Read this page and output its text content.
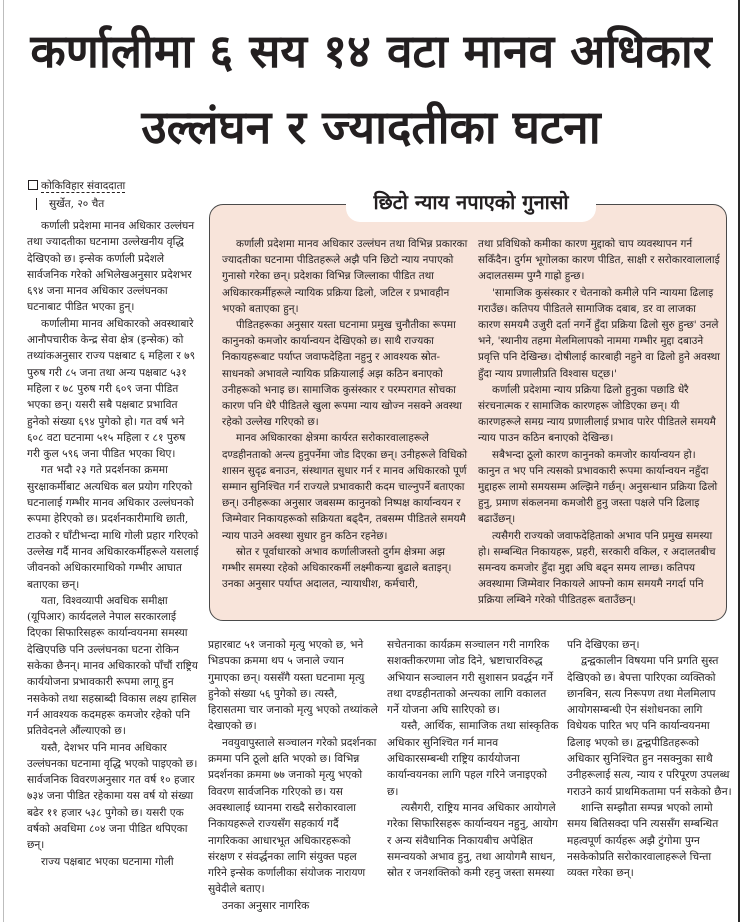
कर्णालीमा ६ सय १४ वटा मानव अधिकार
उल्लंघन र ज्यादतीका घटना
कोकिविहार संवाददाता
सुर्खेत, २० चैत

कर्णाली प्रदेशमा मानव अधिकार उल्लंघन तथा ज्यादतीका घटनामा उल्लेखनीय वृद्धि देखिएको छ। इन्सेक कर्णाली प्रदेशले सार्वजनिक गरेको अभिलेखअनुसार प्रदेशभर ६९४ जना मानव अधिकार उल्लंघनका घटनाबाट पीडित भएका हुन्।

कर्णालीमा मानव अधिकारको अवस्थाबारे आनौपचारीक केन्द्र सेवा क्षेत्र (इन्सेक) को तथ्यांकअनुसार राज्य पक्षबाट ६ महिला र ७९ पुरुष गरी ८५ जना तथा अन्य पक्षबाट ५३१ महिला र ७८ पुरुष गरी ६०९ जना पीडित भएका छन्। यसरी सबै पक्षबाट प्रभावित हुनेको संख्या ६९४ पुगेको हो। गत वर्ष भने ६०८ वटा घटनामा ५१५ महिला र ८१ पुरुष गरी कुल ५९६ जना पीडित भएका थिए।

गत भदौ २३ गते प्रदर्शनका क्रममा सुरक्षाकर्मीबाट अत्यधिक बल प्रयोग गरिएको घटनालाई गम्भीर मानव अधिकार उल्लंघनको रूपमा हेरिएको छ। प्रदर्शनकारीमाथि छाती, टाउको र घाँटीभन्दा माथि गोली प्रहार गरिएको उल्लेख गर्दै मानव अधिकारकर्मीहरूले यसलाई जीवनको अधिकारमाथिको गम्भीर आघात बताएका छन्।

यता, विश्वव्यापी अवधिक समीक्षा (यूपिआर) कार्यदलले नेपाल सरकारलाई दिएका सिफारिसहरू कार्यान्वयनमा समस्या देखिएपछि पनि उल्लंघनका घटना रोकिन सकेका छैनन्। मानव अधिकारको पाँचौं राष्ट्रिय कार्ययोजना प्रभावकारी रूपमा लागू हुन नसकेको तथा सहस्राब्दी विकास लक्ष्य हासिल गर्न आवश्यक कदमहरू कमजोर रहेको पनि प्रतिवेदनले औंल्याएको छ।

यस्तै, देशभर पनि मानव अधिकार उल्लंघनका घटनामा वृद्धि भएको पाइएको छ। सार्वजनिक विवरणअनुसार गत वर्ष १० हजार ७३४ जना पीडित रहेकामा यस वर्ष यो संख्या बढेर ११ हजार ५३८ पुगेको छ। यसरी एक वर्षको अवधिमा ८०४ जना पीडित थपिएका छन्।

राज्य पक्षबाट भएका घटनामा गोली

छिटो न्याय नपाएको गुनासो

कर्णाली प्रदेशमा मानव अधिकार उल्लंघन तथा विभिन्न प्रकारका ज्यादतीका घटनामा पीडितहरूले अझै पनि छिटो न्याय नपाएको गुनासो गरेका छन्। प्रदेशका विभिन्न जिल्लाका पीडित तथा अधिकारकर्मीहरूले न्यायिक प्रक्रिया ढिलो, जटिल र प्रभावहीन भएको बताएका हुन्।

पीडितहरूका अनुसार यस्ता घटनामा प्रमुख चुनौतीका रूपमा कानुनको कमजोर कार्यान्वयन देखिएको छ। साथै राज्यका निकायहरूबाट पर्याप्त जवाफदेहिता नहुनु र आवश्यक स्रोत-साधनको अभावले न्यायिक प्रक्रियालाई अझ कठिन बनाएको उनीहरूको भनाइ छ। सामाजिक कुसंस्कार र परम्परागत सोचका कारण पनि धेरै पीडितले खुला रूपमा न्याय खोज्न नसक्ने अवस्था रहेको उल्लेख गरिएको छ।

मानव अधिकारका क्षेत्रमा कार्यरत सरोकारवालाहरूले दण्डहीनताको अन्त्य हुनुपर्नेमा जोड दिएका छन्। उनीहरूले विधिको शासन सुदृढ बनाउन, संस्थागत सुधार गर्न र मानव अधिकारको पूर्ण सम्मान सुनिश्चित गर्न राज्यले प्रभावकारी कदम चाल्नुपर्ने बताएका छन्। उनीहरूका अनुसार जबसम्म कानुनको निष्पक्ष कार्यान्वयन र जिम्मेवार निकायहरूको सक्रियता बढ्दैन, तबसम्म पीडितले समयमै न्याय पाउने अवस्था सुधार हुन कठिन रहनेछ।

स्रोत र पूर्वाधारको अभाव कर्णालीजस्तो दुर्गम क्षेत्रमा अझ गम्भीर समस्या रहेको अधिकारकर्मी लक्ष्मीकन्या बुढाले बताइन्। उनका अनुसार पर्याप्त अदालत, न्यायाधीश, कर्मचारी,

तथा प्रविधिको कमीका कारण मुद्दाको चाप व्यवस्थापन गर्न सकिँदैन। दुर्गम भूगोलका कारण पीडित, साक्षी र सरोकारवालालाई अदालतसम्म पुग्नै गाह्रो हुन्छ।

'सामाजिक कुसंस्कार र चेतनाको कमीले पनि न्यायमा ढिलाइ गराउँछ। कतिपय पीडितले सामाजिक दबाब, डर वा लाजका कारण समयमै उजुरी दर्ता नगर्ने हुँदा प्रक्रिया ढिलो सुरु हुन्छ' उनले भने, 'स्थानीय तहमा मेलमिलापको नाममा गम्भीर मुद्दा दबाउने प्रवृत्ति पनि देखिन्छ। दोषीलाई कारबाही नहुने वा ढिलो हुने अवस्था हुँदा न्याय प्रणालीप्रति विश्वास घट्छ।'

कर्णाली प्रदेशमा न्याय प्रक्रिया ढिलो हुनुका पछाडि धेरै संरचनात्मक र सामाजिक कारणहरू जोडिएका छन्। यी कारणहरूले समग्र न्याय प्रणालीलाई प्रभाव पारेर पीडितले समयमै न्याय पाउन कठिन बनाएको देखिन्छ।

सबैभन्दा ठूलो कारण कानुनको कमजोर कार्यान्वयन हो। कानुन त भए पनि त्यसको प्रभावकारी रूपमा कार्यान्वयन नहुँदा मुद्दाहरू लामो समयसम्म अल्झिने गर्छन्। अनुसन्धान प्रक्रिया ढिलो हुनु, प्रमाण संकलनमा कमजोरी हुनु जस्ता पक्षले पनि ढिलाइ बढाउँछन्।

त्यसैगरी राज्यको जवाफदेहिताको अभाव पनि प्रमुख समस्या हो। सम्बन्धित निकायहरू, प्रहरी, सरकारी वकिल, र अदालतबीच समन्वय कमजोर हुँदा मुद्दा अघि बढ्न समय लाग्छ। कतिपय अवस्थामा जिम्मेवार निकायले आफ्नो काम समयमै नगर्दा पनि प्रक्रिया लम्बिने गरेको पीडितहरू बताउँछन्।

प्रहारबाट ५१ जनाको मृत्यु भएको छ, भने भिडपका क्रममा थप ५ जनाले ज्यान गुमाएका छन्। यससँगै यस्ता घटनामा मृत्यु हुनेको संख्या ५६ पुगेको छ। त्यस्तै, हिरासतमा चार जनाको मृत्यु भएको तथ्यांकले देखाएको छ।

नवयुवापुस्ताले सञ्चालन गरेको प्रदर्शनका क्रममा पनि ठूलो क्षति भएको छ। विभिन्न प्रदर्शनका क्रममा ७७ जनाको मृत्यु भएको विवरण सार्वजनिक गरिएको छ। यस अवस्थालाई ध्यानमा राख्दै सरोकारवाला निकायहरूले राज्यसँग सहकार्य गर्दै नागरिकका आधारभूत अधिकारहरूको संरक्षण र संवर्द्धनका लागि संयुक्त पहल गरिने इन्सेक कर्णालीका संयोजक नारायण सुवेदीले बताए।

उनका अनुसार नागरिक

सचेतनाका कार्यक्रम सञ्चालन गरी नागरिक सशक्तीकरणमा जोड दिने, भ्रष्टाचारविरुद्ध अभियान सञ्चालन गरी सुशासन प्रवर्द्धन गर्ने तथा दण्डहीनताको अन्त्यका लागि वकालत गर्ने योजना अघि सारिएको छ।

यस्तै, आर्थिक, सामाजिक तथा सांस्कृतिक अधिकार सुनिश्चित गर्न मानव अधिकारसम्बन्धी राष्ट्रिय कार्ययोजना कार्यान्वयनका लागि पहल गरिने जनाइएको छ।

त्यसैगरी, राष्ट्रिय मानव अधिकार आयोगले गरेका सिफारिसहरू कार्यान्वयन नहुनु, आयोग र अन्य संवैधानिक निकायबीच अपेक्षित समन्वयको अभाव हुनु, तथा आयोगमै साधन, स्रोत र जनशक्तिको कमी रहनु जस्ता समस्या

पनि देखिएका छन्।

द्वन्द्वकालीन विषयमा पनि प्रगति सुस्त देखिएको छ। बेपत्ता पारिएका व्यक्तिको छानबिन, सत्य निरूपण तथा मेलमिलाप आयोगसम्बन्धी ऐन संशोधनका लागि विधेयक पारित भए पनि कार्यान्वयनमा ढिलाइ भएको छ। द्वन्द्वपीडितहरूको अधिकार सुनिश्चित हुन नसक्नुका साथै उनीहरूलाई सत्य, न्याय र परिपूरण उपलब्ध गराउने कार्य प्राथमिकतामा पर्न सकेको छैन।

शान्ति सम्झौता सम्पन्न भएको लामो समय बितिसक्दा पनि त्यससँग सम्बन्धित महत्वपूर्ण कार्यहरू अझै टुंगोमा पुग्न नसकेकोप्रति सरोकारवालाहरूले चिन्ता व्यक्त गरेका छन्।
